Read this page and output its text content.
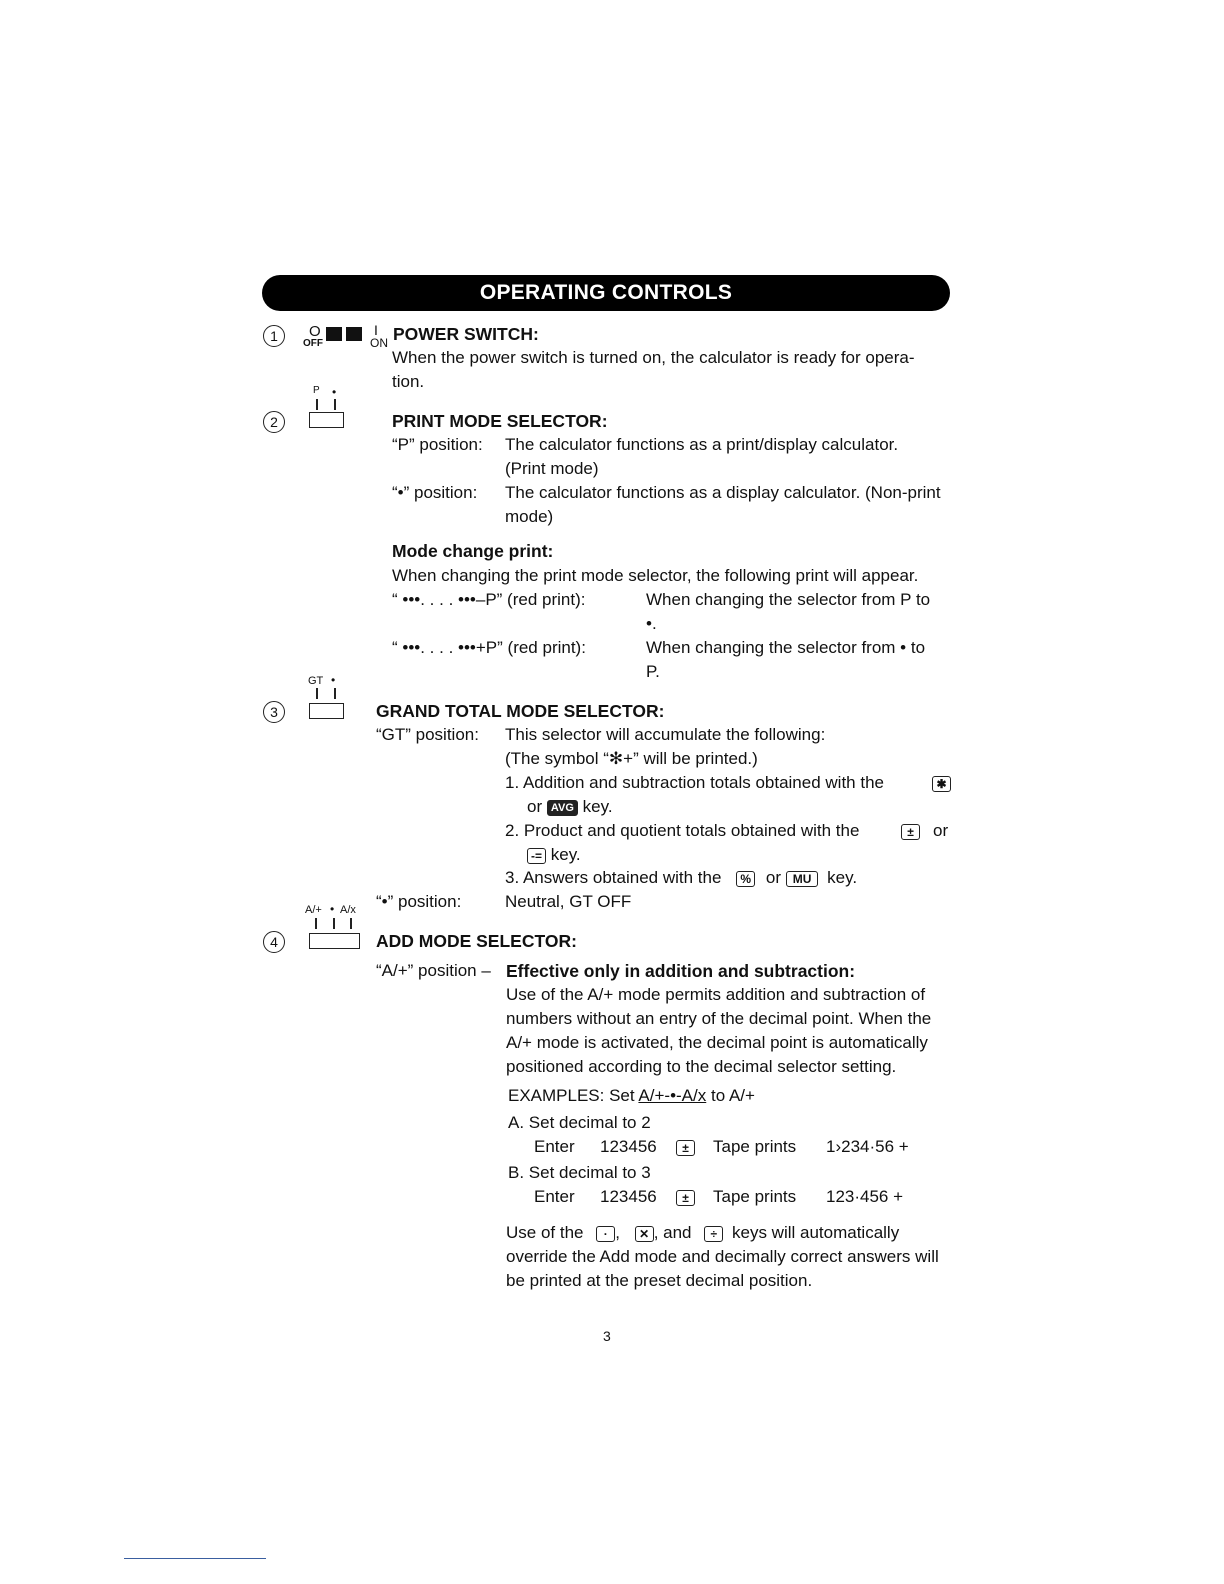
OPERATING CONTROLS
1	O
OFF
I
ON POWER SWITCH:
When the power switch is turned on, the calculator is ready for opera-
tion.
P •
2	PRINT MODE SELECTOR:
“P” position: The calculator functions as a print/display calculator.
(Print mode)
“•” position: The calculator functions as a display calculator. (Non-print
mode)
Mode change print:
When changing the print mode selector, the following print will appear.
“ •••. . . . •••–P” (red print):	When changing the selector from P to
•.
“ •••. . . . •••+P” (red print):	When changing the selector from • to
P.
GT •
3	GRAND TOTAL MODE SELECTOR:
“GT” position: This selector will accumulate the following:
(The symbol “✻+” will be printed.)
1. Addition and subtraction totals obtained with the	✱
or AVG key.
2. Product and quotient totals obtained with the	±	or
-= key.
3. Answers obtained with the % or MU key.
“•” position:	Neutral, GT OFF
A/+ • A/x
4	ADD MODE SELECTOR:
“A/+” position – Effective only in addition and subtraction:
Use of the A/+ mode permits addition and subtraction of
numbers without an entry of the decimal point. When the
A/+ mode is activated, the decimal point is automatically
positioned according to the decimal selector setting.
EXAMPLES: Set A/+-•-A/x to A/+
A. Set decimal to 2
Enter 123456	±	Tape prints 1›234·56 +
B. Set decimal to 3
Enter 123456	±	Tape prints 123·456 +
Use of the · , ✕ , and ÷ keys will automatically
override the Add mode and decimally correct answers will
be printed at the preset decimal position.
3
